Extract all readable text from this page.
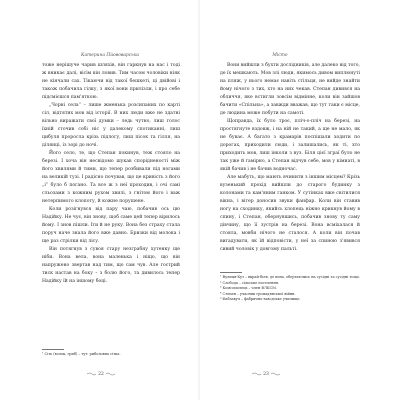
Катерина Пйововарська

тоже нерішуче чарив шляхів, він гаркнув на нас і тоді ж вникає далі, вісім він ловив. Тим часом чоловіки ніяк не кінчали сах. Тікаючи від такої бешкеті, ці двійові і також побачила гілку, з якої вони прилізли, і про себе підсмієшся пам'яткою.

„Чорні села“ – лише жменька розсипаних по карті сіл, відтятих мов від історії. В них люди вже не здатні вільно виражати свої думки – ледь чутно, лиш голос їхній сточив собі ніс у далекому спотиканні, лиш цибуля проросла крізь підлогу, лиш пісок та гілля, на ділянці, із зорі до ночі.

Його село, те, що Степан покинув, теж стояло на березі. І хоча він несвідомо шукав спорідненості між його хвилями й тими, що тепер розбивали під ногами на великій тузі. І радісно почував, що це кривість з його „і“ було б погано. Та все ж з неї проходив, і очі самі сльозами з кожним рухом хвилі, з гнітом його і важ нетерпимого клопоту, й кожне порушене.

Коли розігнувся від пару чаю, побачив ось цю Надійку. Не чує, він знову, щоб саме цей тепер вірилось йому. І знов пішли. Іти й не руку. Вона без страху стала поруч наче знала його вже давно. Бризки від молока і ще раз стрілки від лісу.

Він потягнув з сувоя стару незграбну хутенку ще ніби. Вона вела, вона маленька і ніщо, що він напружено звертав над тим, що сам чув. Але гострий тиск настав на боку – з болю його, та дивилось тепер Надійку їй на іншому боці.

¹ Сіть (волок, гриб) – тут: риболовна сітка.

22
Місто

Вони вийшли з бухти дослідників, але далеко від того, де їх мешкають. Мов злі люди, якимось дивом виплюнуті на пляж, у нього немає навіть стільця, не вийде знайти йому нічого з тих, хто на них чекав. Степан дивився на обличчя, яке встигли зовсім відмінне, коли він зайшов бачити «Спільна», а завжди вважав, що тут таки є місце, де людина може побути на самоті.

Щоправда, їх було троє, пліч-о-пліч на березі, на простягнуте вздовж, і на ній не такий, а ще не мало, як не буває. А багато з крамарів поспішали ходити по дорогах, приходили сюди, і залишались, як ті, хто приходить мов, лиш інколи з вуз. Біля цієї зграї було не так уже й гамірно, а Степан відчув себе, мов у кімнаті, в якій бачив і не бачив водночас.

Але мабуть, що мають вчинити з іншим місцем? Крізь вузенький прохід вийшли до старого будинку з колонами та кам'яним ганком. У сутінках вже світилися вікна, і вітер доносив звуки фанфар. Коли він ставив ногу на сходинку, якийсь хлопець ніжно крикнув йому в спину, і Степан, обернувшись, побачив знову ту саму дівчину, що її зустрів на березі. Вона всміхалася й стояла, мовби нічого не сталося. А коли він почав вигадувати, як їй відповісти, у неї за спиною з'явився сивий чоловік у довгому пальті.

¹ Вулиця-Кут – вкрай-біля, де вона, обертаючись на сусідні та сусідні тощо.

² Слобода – сільське поселення.

³ Комсомолець – член ВЛКСМ.

⁴ Степан – учасник громадянської війни.

⁵ Фабзавуч – фабрично-заводське училище.

23
